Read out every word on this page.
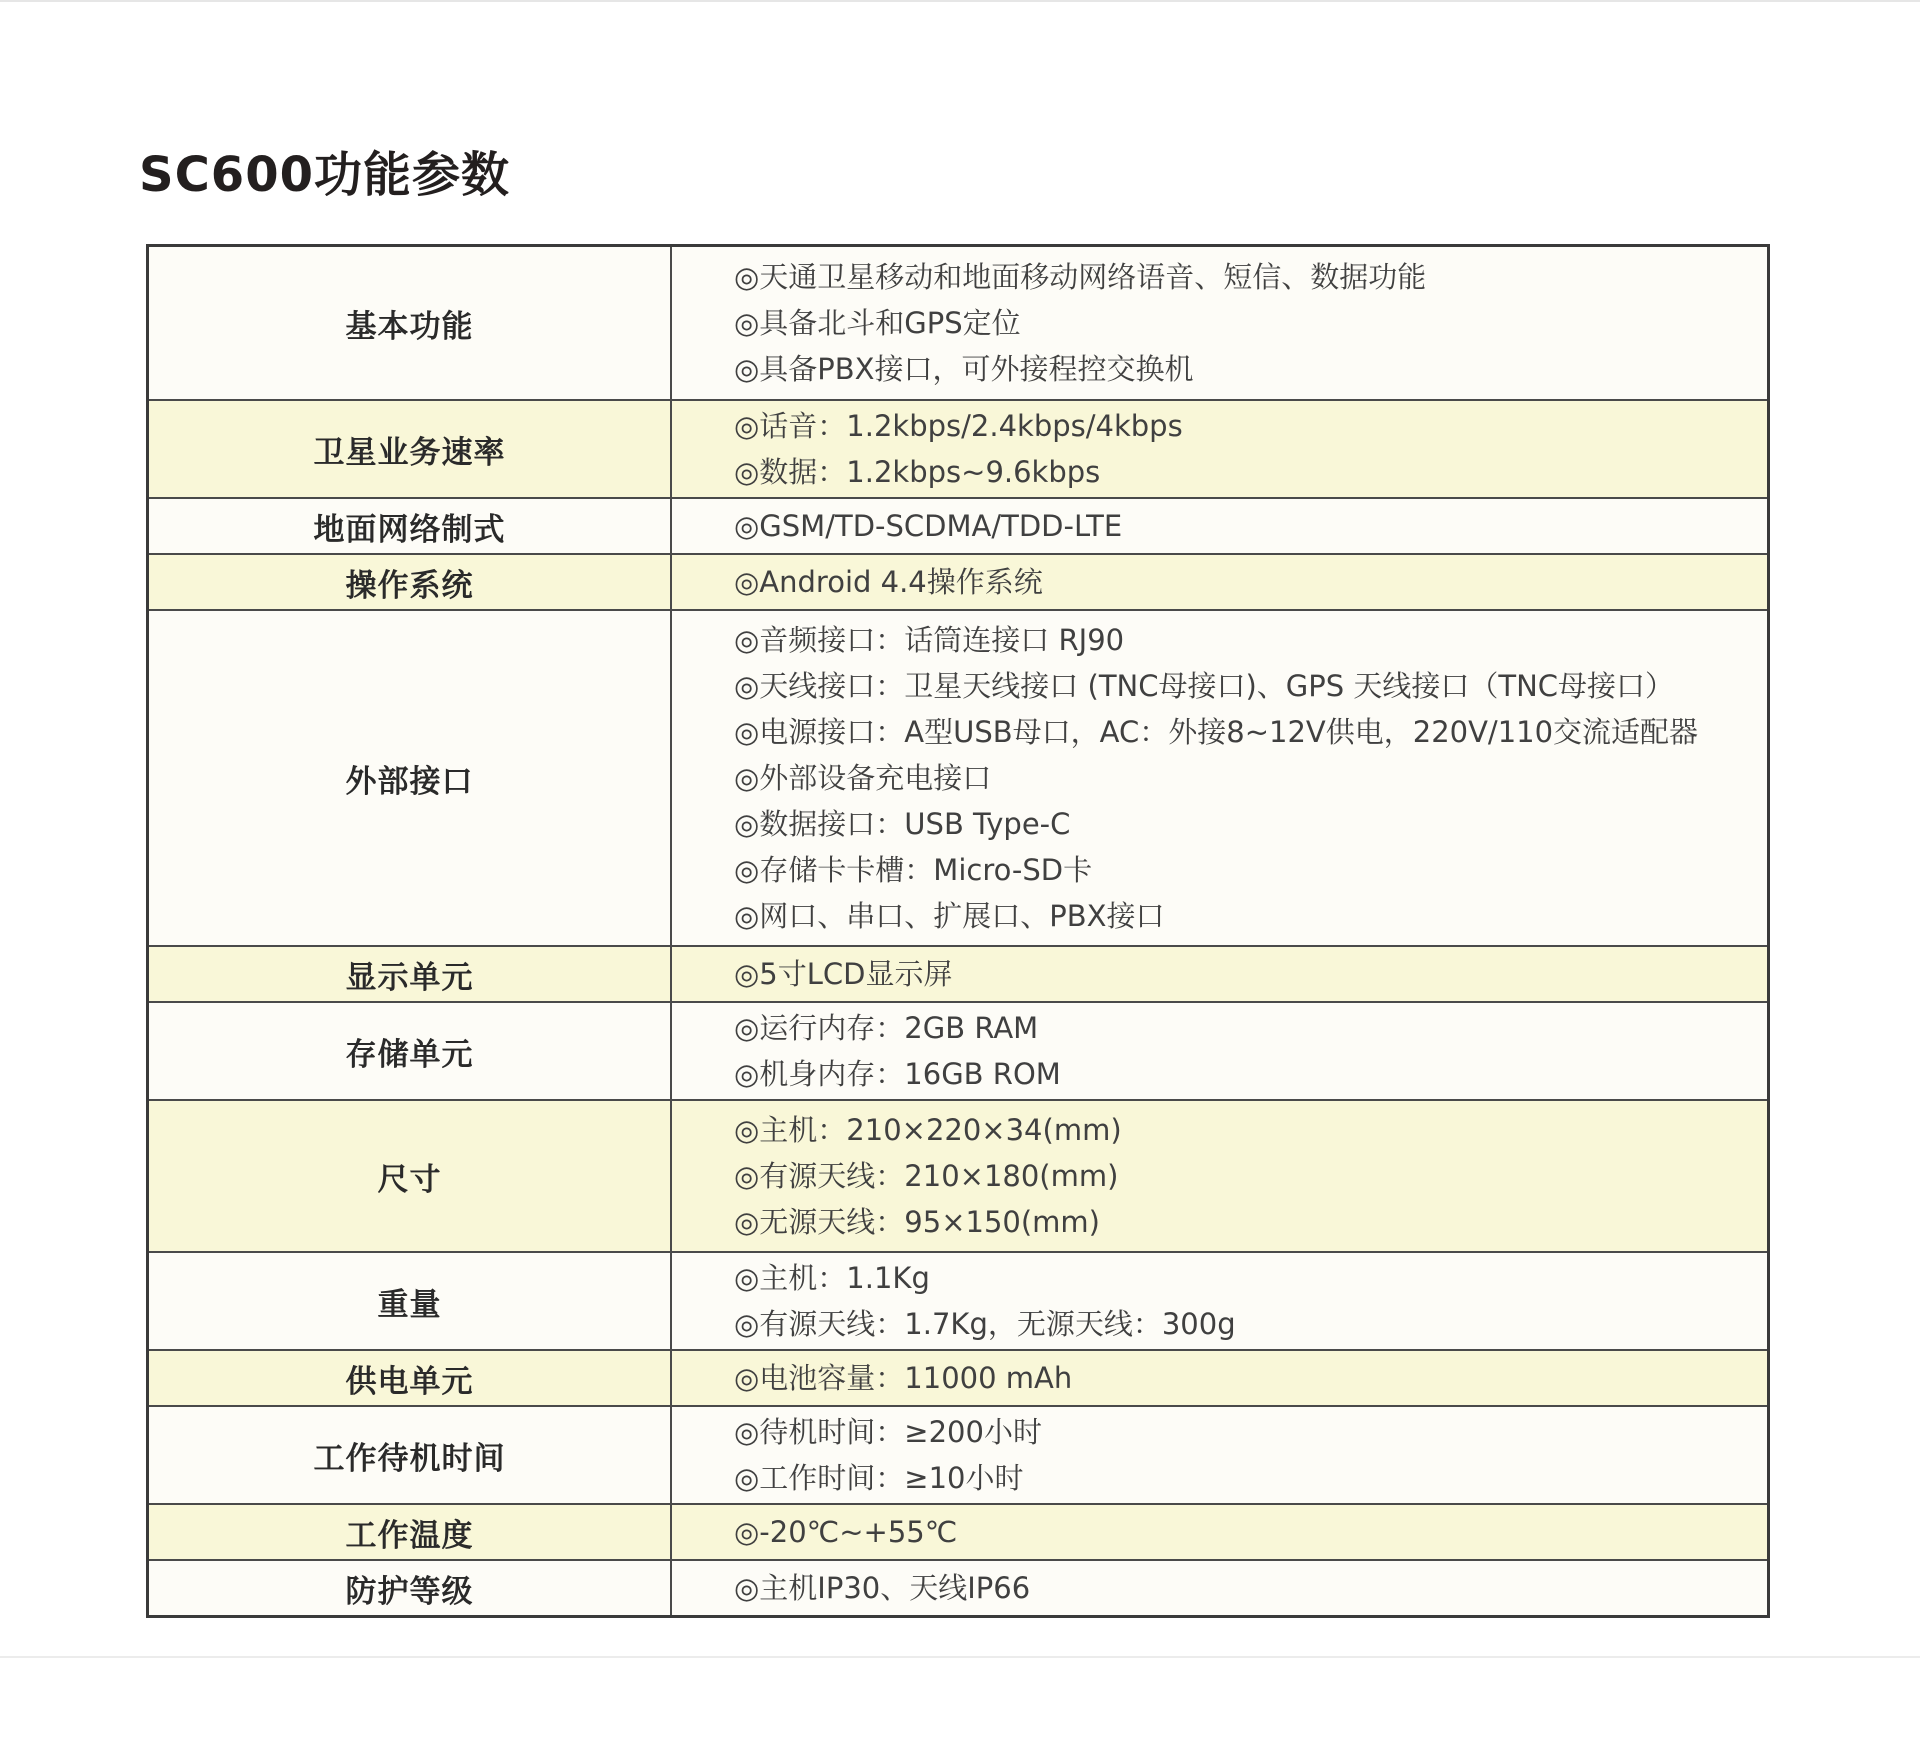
SC600功能参数
基本功能
◎天通卫星移动和地面移动网络语音、短信、数据功能
◎具备北斗和GPS定位
◎具备PBX接口，可外接程控交换机
卫星业务速率
◎话音：1.2kbps/2.4kbps/4kbps
◎数据：1.2kbps~9.6kbps
地面网络制式	◎GSM/TD-SCDMA/TDD-LTE
操作系统	◎Android 4.4操作系统
外部接口
◎音频接口：话筒连接口 RJ90
◎天线接口：卫星天线接口 (TNC母接口)、GPS 天线接口（TNC母接口）
◎电源接口：A型USB母口，AC：外接8~12V供电，220V/110交流适配器
◎外部设备充电接口
◎数据接口：USB Type-C
◎存储卡卡槽：Micro-SD卡
◎网口、串口、扩展口、PBX接口
显示单元	◎5寸LCD显示屏
存储单元
◎运行内存：2GB RAM
◎机身内存：16GB ROM
尺寸
◎主机：210×220×34(mm)
◎有源天线：210×180(mm)
◎无源天线：95×150(mm)
重量
◎主机：1.1Kg
◎有源天线：1.7Kg，无源天线：300g
供电单元	◎电池容量：11000 mAh
工作待机时间
◎待机时间：≥200小时
◎工作时间：≥10小时
工作温度	◎-20℃~+55℃
防护等级	◎主机IP30、天线IP66
